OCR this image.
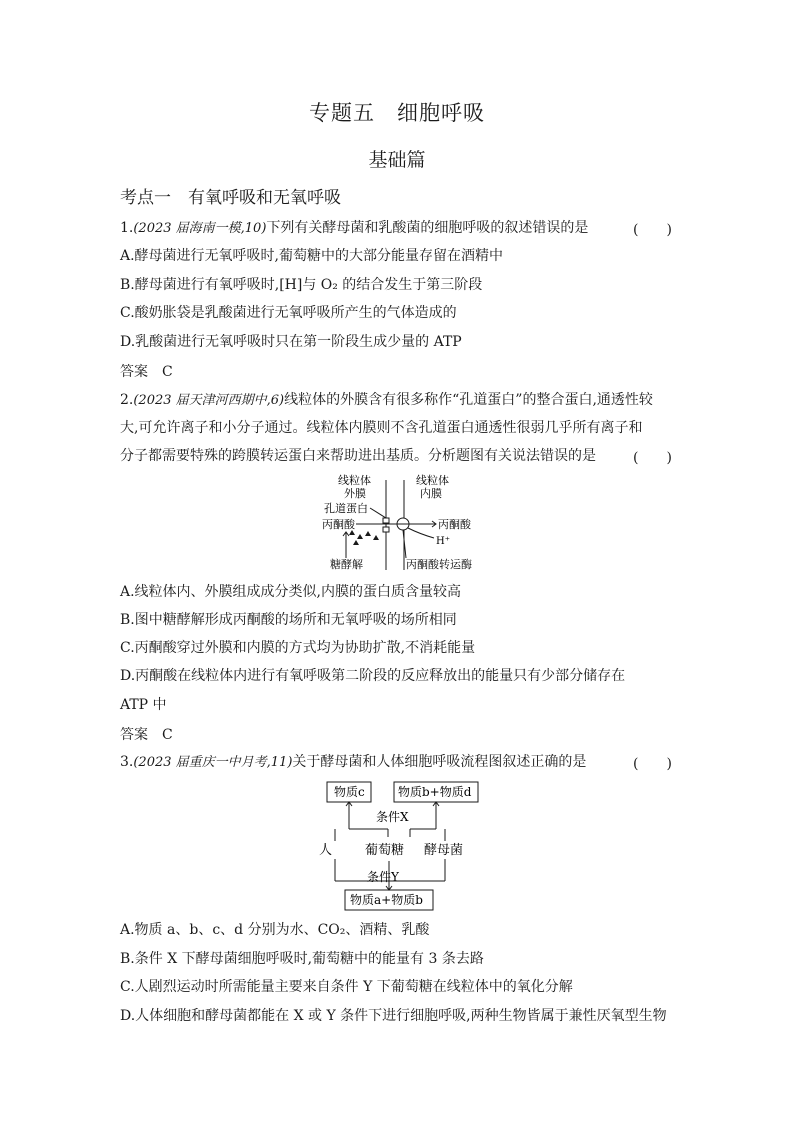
专题五　细胞呼吸
基础篇
考点一　有氧呼吸和无氧呼吸
1.(2023 届海南一模,10)下列有关酵母菌和乳酸菌的细胞呼吸的叙述错误的是	(　　)
A.酵母菌进行无氧呼吸时,葡萄糖中的大部分能量存留在酒精中
B.酵母菌进行有氧呼吸时,[H]与 O₂ 的结合发生于第三阶段
C.酸奶胀袋是乳酸菌进行无氧呼吸所产生的气体造成的
D.乳酸菌进行无氧呼吸时只在第一阶段生成少量的 ATP
答案　C
2.(2023 届天津河西期中,6)线粒体的外膜含有很多称作“孔道蛋白”的整合蛋白,通透性较
大,可允许离子和小分子通过。线粒体内膜则不含孔道蛋白通透性很弱几乎所有离子和
分子都需要特殊的跨膜转运蛋白来帮助进出基质。分析题图有关说法错误的是	(　　)
线粒体
外膜
线粒体
内膜
孔道蛋白
丙酮酸	丙酮酸
H⁺
糖酵解	丙酮酸转运酶
A.线粒体内、外膜组成成分类似,内膜的蛋白质含量较高
B.图中糖酵解形成丙酮酸的场所和无氧呼吸的场所相同
C.丙酮酸穿过外膜和内膜的方式均为协助扩散,不消耗能量
D.丙酮酸在线粒体内进行有氧呼吸第二阶段的反应释放出的能量只有少部分储存在
ATP 中
答案　C
3.(2023 届重庆一中月考,11)关于酵母菌和人体细胞呼吸流程图叙述正确的是	(　　)
物质c	物质b+物质d
条件X
人	葡萄糖 酵母菌
条件Y
物质a+物质b
A.物质 a、b、c、d 分别为水、CO₂、酒精、乳酸
B.条件 X 下酵母菌细胞呼吸时,葡萄糖中的能量有 3 条去路
C.人剧烈运动时所需能量主要来自条件 Y 下葡萄糖在线粒体中的氧化分解
D.人体细胞和酵母菌都能在 X 或 Y 条件下进行细胞呼吸,两种生物皆属于兼性厌氧型生物
